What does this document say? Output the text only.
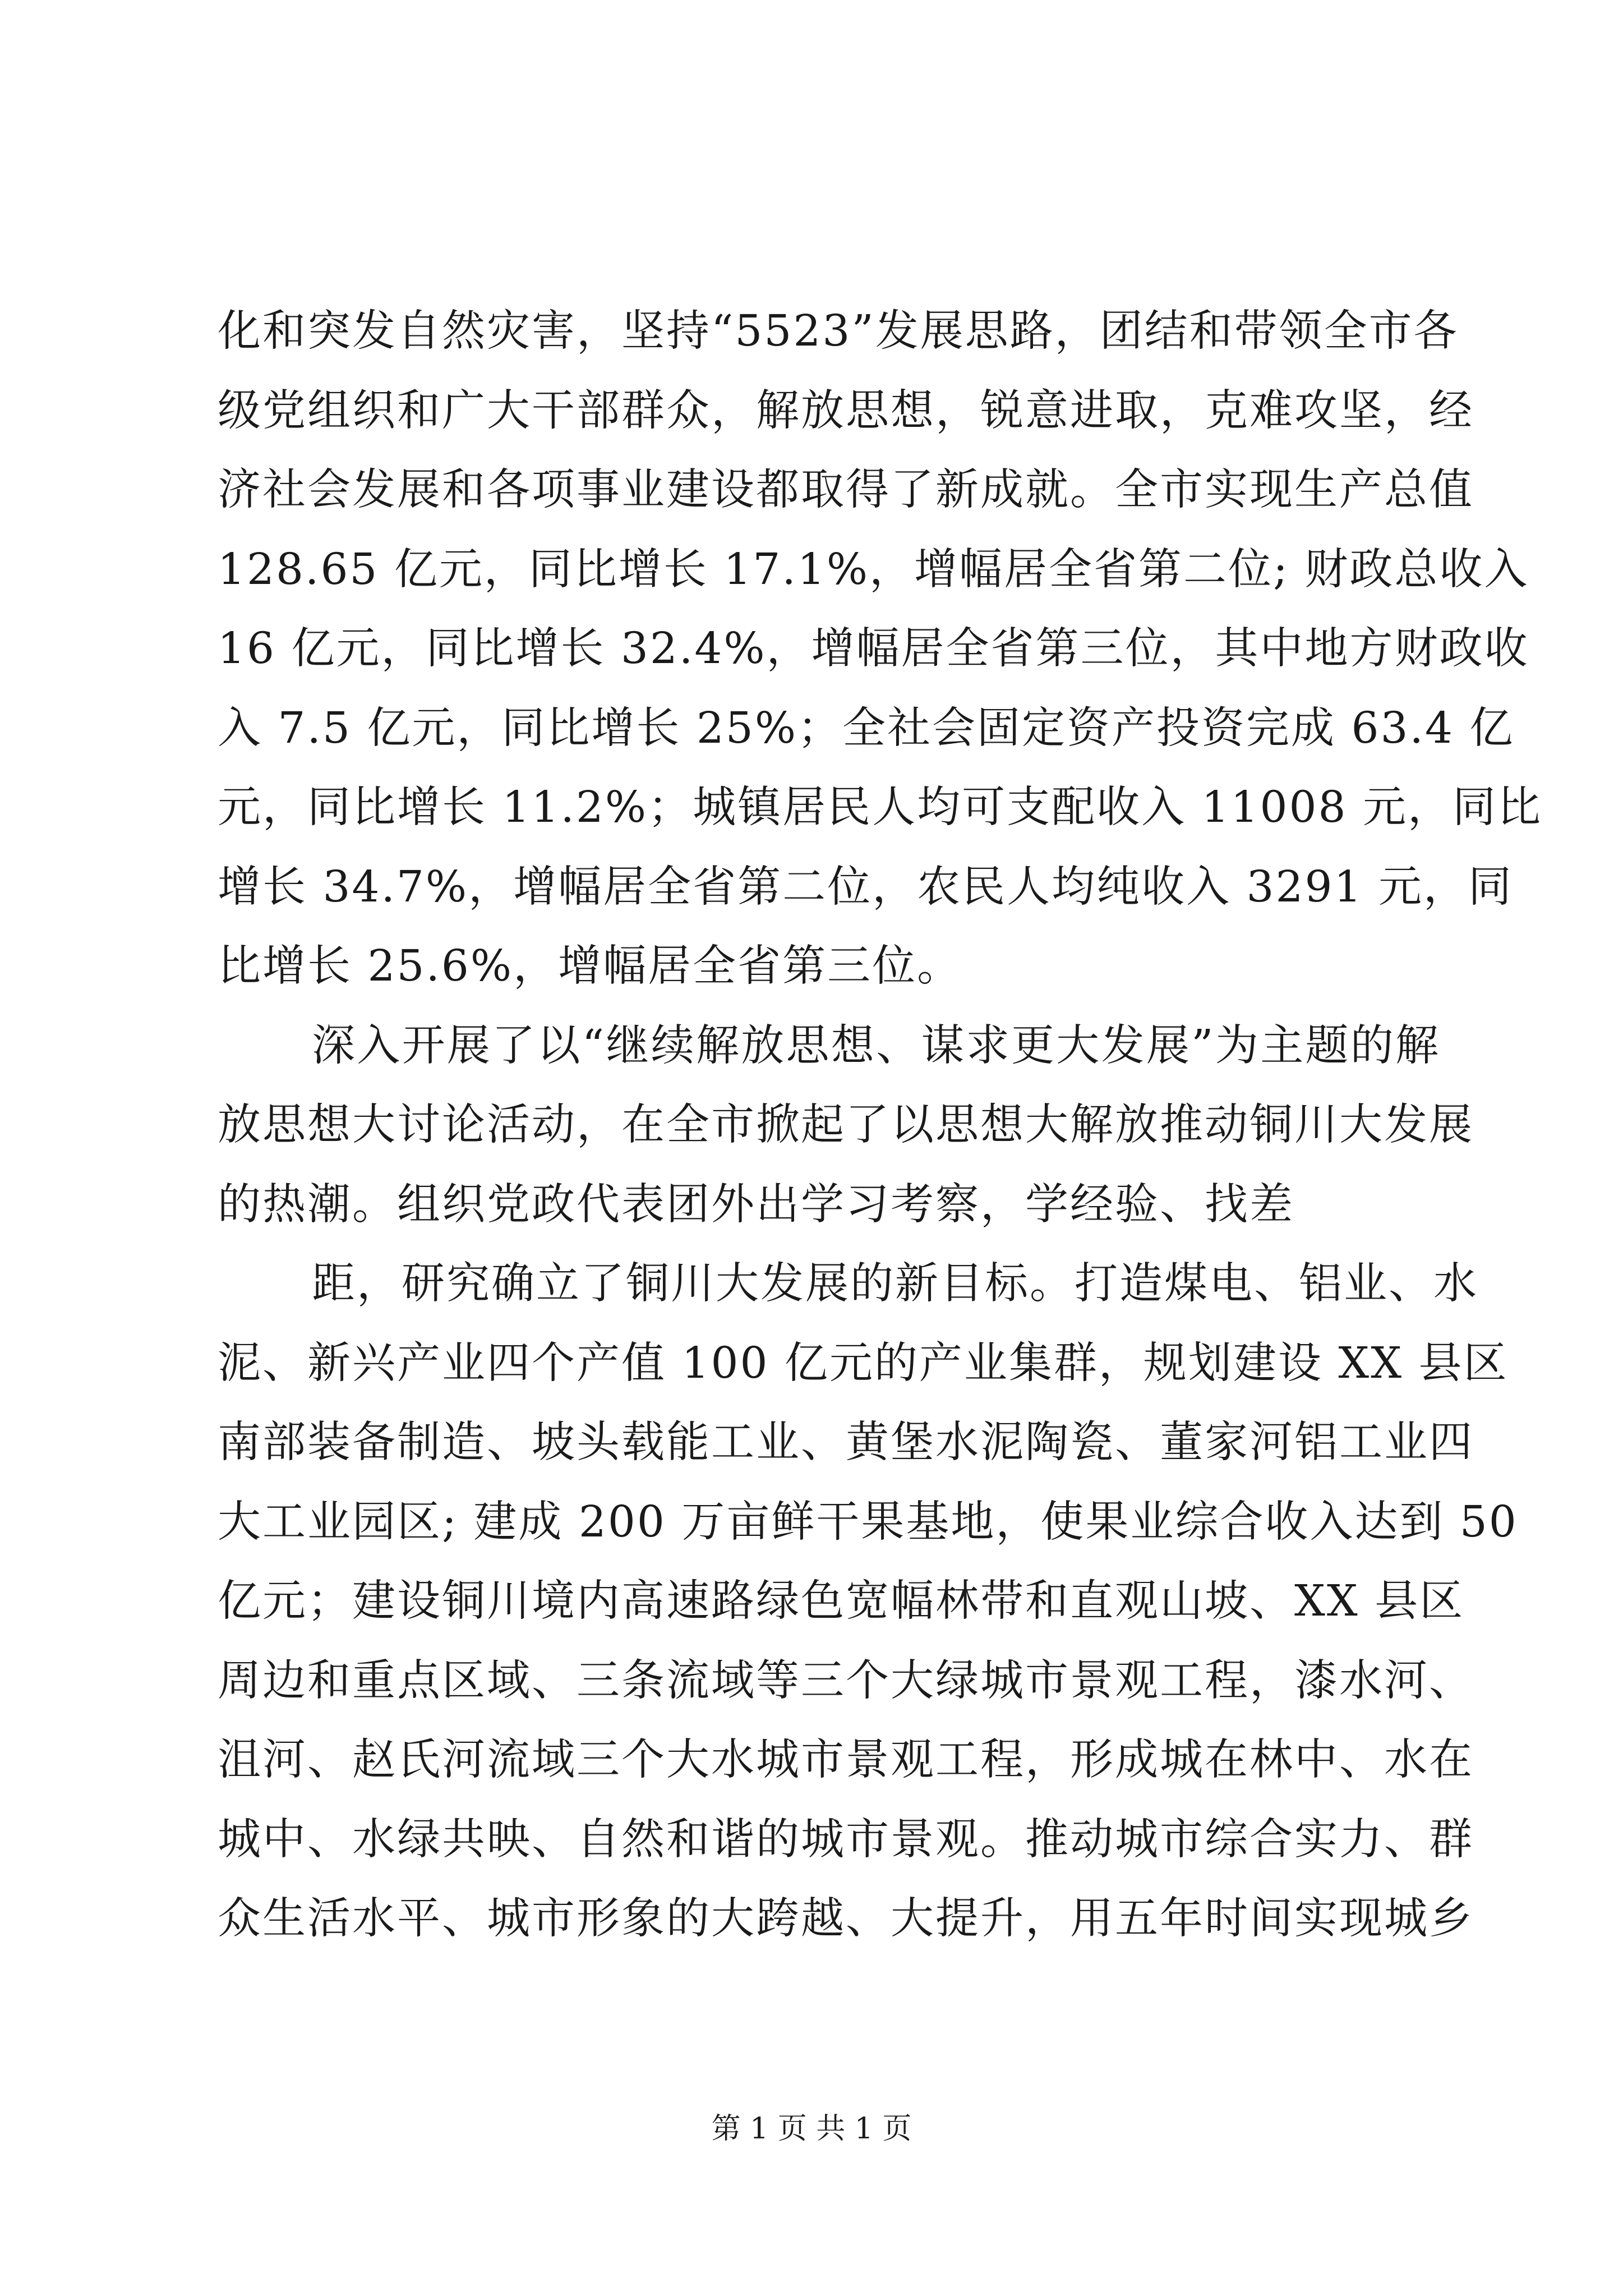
化和突发自然灾害，坚持“5523”发展思路，团结和带领全市各
级党组织和广大干部群众，解放思想，锐意进取，克难攻坚，经
济社会发展和各项事业建设都取得了新成就。全市实现生产总值
128.65 亿元，同比增长 17.1%，增幅居全省第二位; 财政总收入
16 亿元，同比增长 32.4%，增幅居全省第三位，其中地方财政收
入 7.5 亿元，同比增长 25%；全社会固定资产投资完成 63.4 亿
元，同比增长 11.2%；城镇居民人均可支配收入 11008 元，同比
增长 34.7%，增幅居全省第二位，农民人均纯收入 3291 元，同
比增长 25.6%，增幅居全省第三位。
深入开展了以“继续解放思想、谋求更大发展”为主题的解
放思想大讨论活动，在全市掀起了以思想大解放推动铜川大发展
的热潮。组织党政代表团外出学习考察，学经验、找差
距，研究确立了铜川大发展的新目标。打造煤电、铝业、水
泥、新兴产业四个产值 100 亿元的产业集群，规划建设 XX 县区
南部装备制造、坡头载能工业、黄堡水泥陶瓷、董家河铝工业四
大工业园区; 建成 200 万亩鲜干果基地，使果业综合收入达到 50
亿元；建设铜川境内高速路绿色宽幅林带和直观山坡、XX 县区
周边和重点区域、三条流域等三个大绿城市景观工程，漆水河、
沮河、赵氏河流域三个大水城市景观工程，形成城在林中、水在
城中、水绿共映、自然和谐的城市景观。推动城市综合实力、群
众生活水平、城市形象的大跨越、大提升，用五年时间实现城乡
第 1 页 共 1 页
